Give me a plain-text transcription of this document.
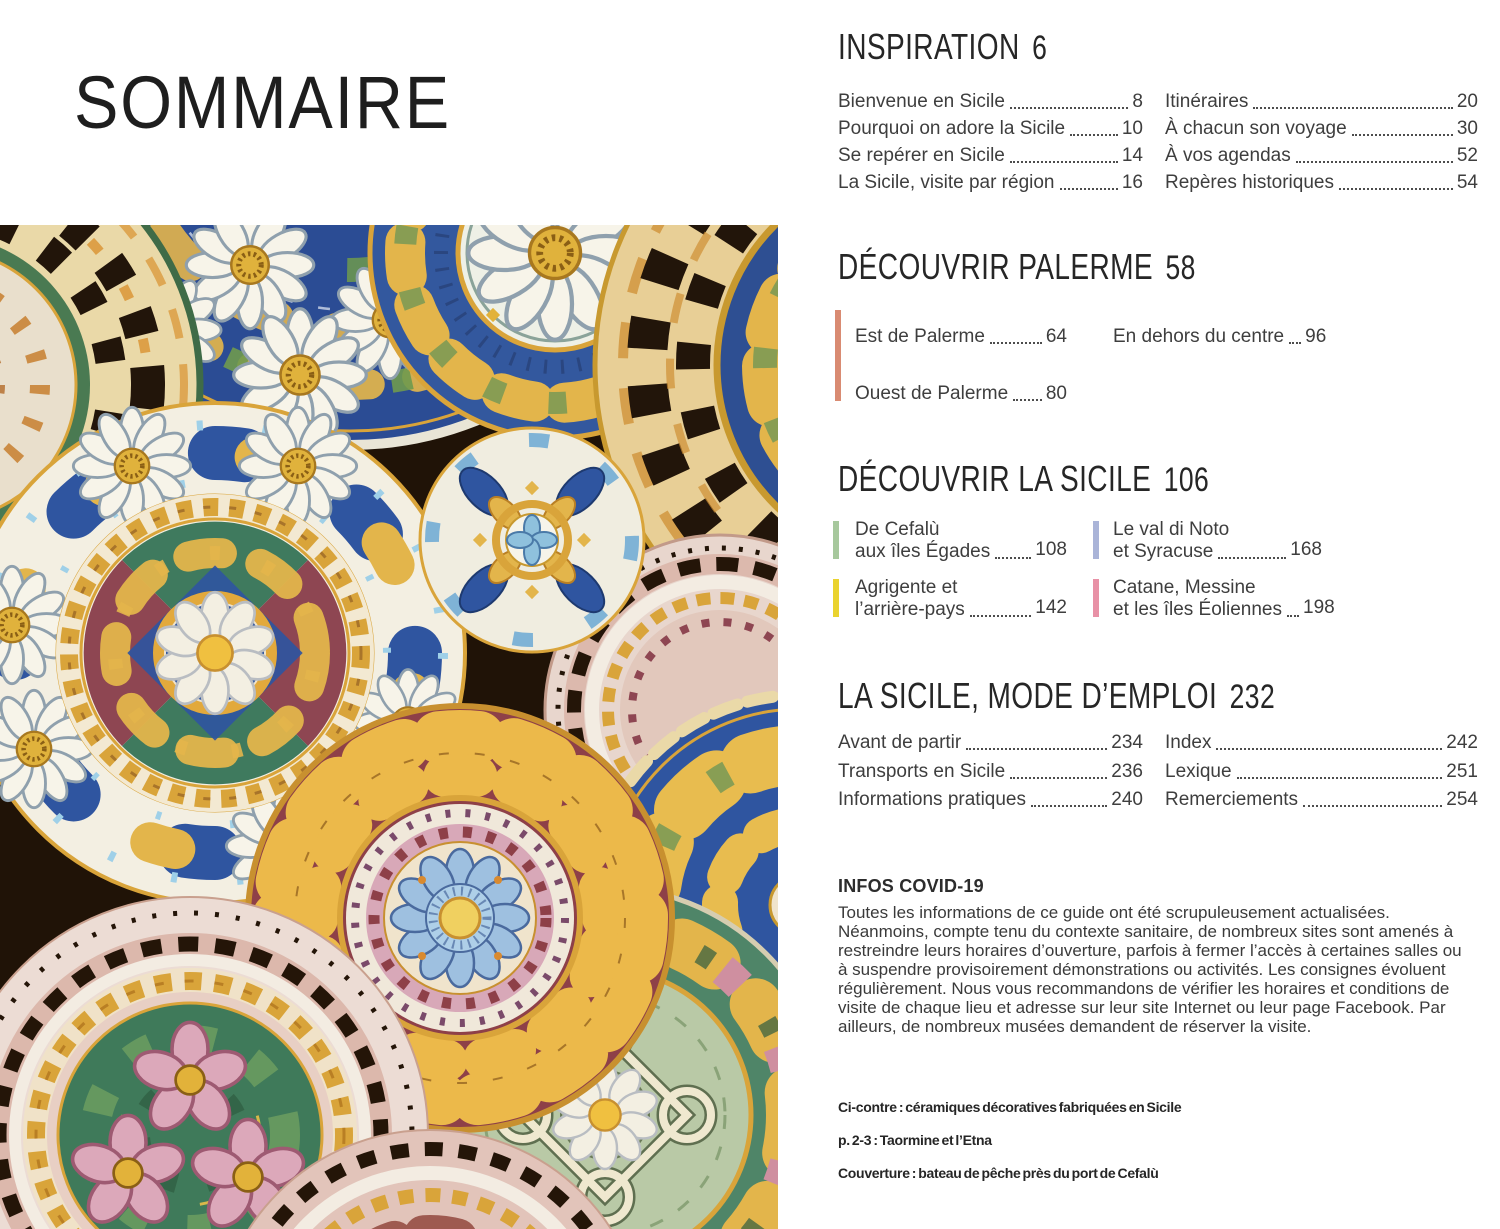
SOMMAIRE
INSPIRATION 6
Bienvenue en Sicile	8
Pourquoi on adore la Sicile	10
Se repérer en Sicile	14
La Sicile, visite par région	16
Itinéraires	20
À chacun son voyage	30
À vos agendas	52
Repères historiques	54
DÉCOUVRIR PALERME 58
Est de Palerme	64
Ouest de Palerme 80
En dehors du centre 96
DÉCOUVRIR LA SICILE 106
De Cefalù
aux îles Égades 108
Agrigente et
l’arrière-pays	142
Le val di Noto
et Syracuse	168
Catane, Messine
et les îles Éoliennes 198
LA SICILE, MODE D’EMPLOI 232
Avant de partir	234
Transports en Sicile	236
Informations pratiques	240
Index	242
Lexique	251
Remerciements	254
INFOS COVID-19
Toutes les informations de ce guide ont été scrupuleusement actualisées. Néanmoins, compte tenu du contexte sanitaire, de nombreux sites sont amenés à restreindre leurs horaires d’ouverture, parfois à fermer l’accès à certaines salles ou à suspendre provisoirement démonstrations ou activités. Les consignes évoluent régulièrement. Nous vous recommandons de vérifier les horaires et conditions de visite de chaque lieu et adresse sur leur site Internet ou leur page Facebook. Par ailleurs, de nombreux musées demandent de réserver la visite.
Ci-contre : céramiques décoratives fabriquées en Sicile
p. 2-3 : Taormine et l’Etna
Couverture : bateau de pêche près du port de Cefalù
